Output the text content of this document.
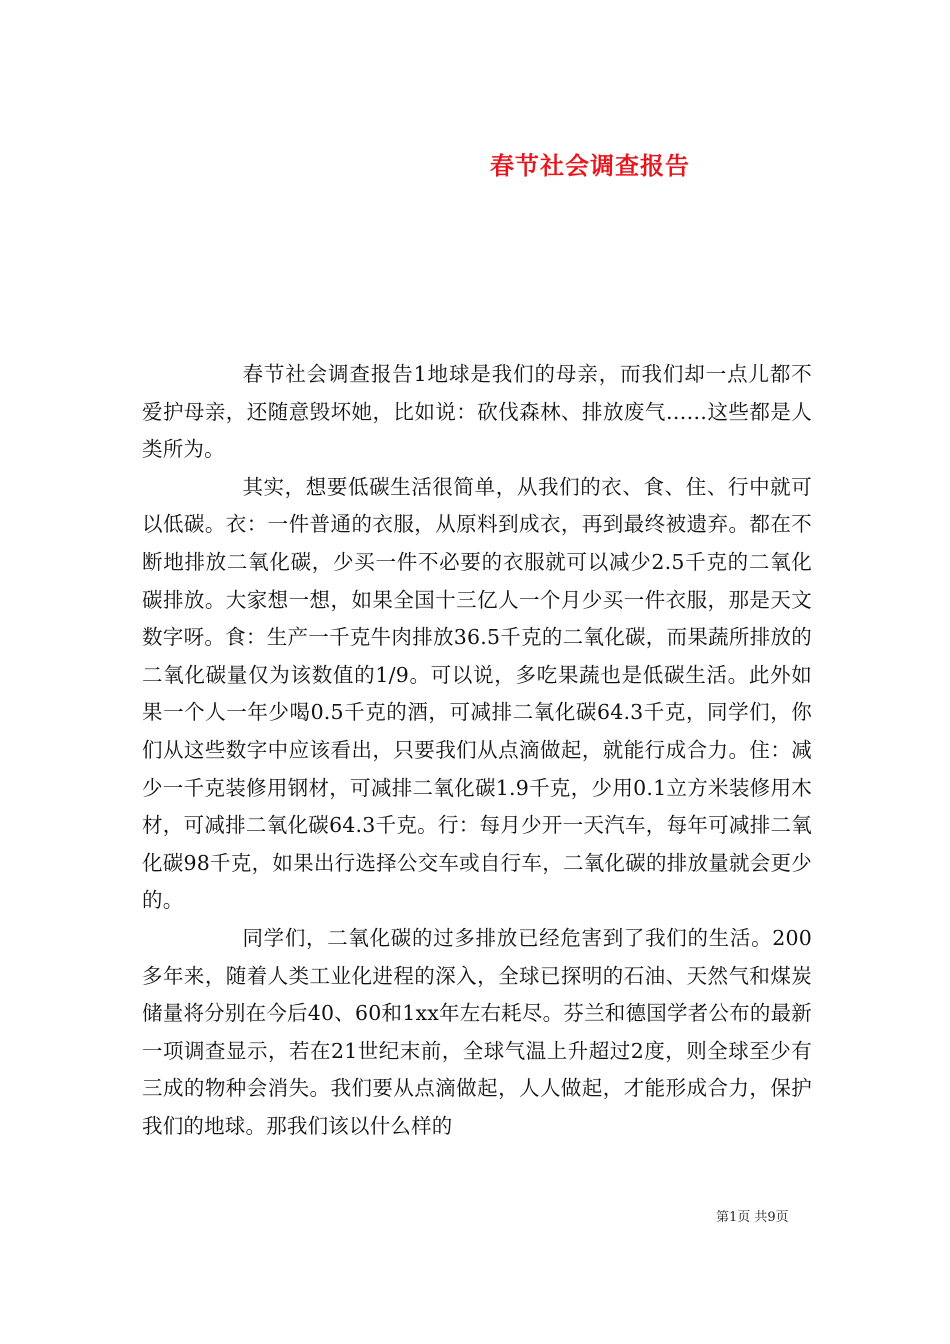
春节社会调查报告

春节社会调查报告1地球是我们的母亲，而我们却一点儿都不爱护母亲，还随意毁坏她，比如说：砍伐森林、排放废气……这些都是人类所为。

其实，想要低碳生活很简单，从我们的衣、食、住、行中就可以低碳。衣：一件普通的衣服，从原料到成衣，再到最终被遗弃。都在不断地排放二氧化碳，少买一件不必要的衣服就可以减少2.5千克的二氧化碳排放。大家想一想，如果全国十三亿人一个月少买一件衣服，那是天文数字呀。食：生产一千克牛肉排放36.5千克的二氧化碳，而果蔬所排放的二氧化碳量仅为该数值的1/9。可以说，多吃果蔬也是低碳生活。此外如果一个人一年少喝0.5千克的酒，可减排二氧化碳64.3千克，同学们，你们从这些数字中应该看出，只要我们从点滴做起，就能行成合力。住：减少一千克装修用钢材，可减排二氧化碳1.9千克，少用0.1立方米装修用木材，可减排二氧化碳64.3千克。行：每月少开一天汽车，每年可减排二氧化碳98千克，如果出行选择公交车或自行车，二氧化碳的排放量就会更少的。

同学们，二氧化碳的过多排放已经危害到了我们的生活。200多年来，随着人类工业化进程的深入，全球已探明的石油、天然气和煤炭储量将分别在今后40、60和1xx年左右耗尽。芬兰和德国学者公布的最新一项调查显示，若在21世纪末前，全球气温上升超过2度，则全球至少有三成的物种会消失。我们要从点滴做起，人人做起，才能形成合力，保护我们的地球。那我们该以什么样的

第1页 共9页
